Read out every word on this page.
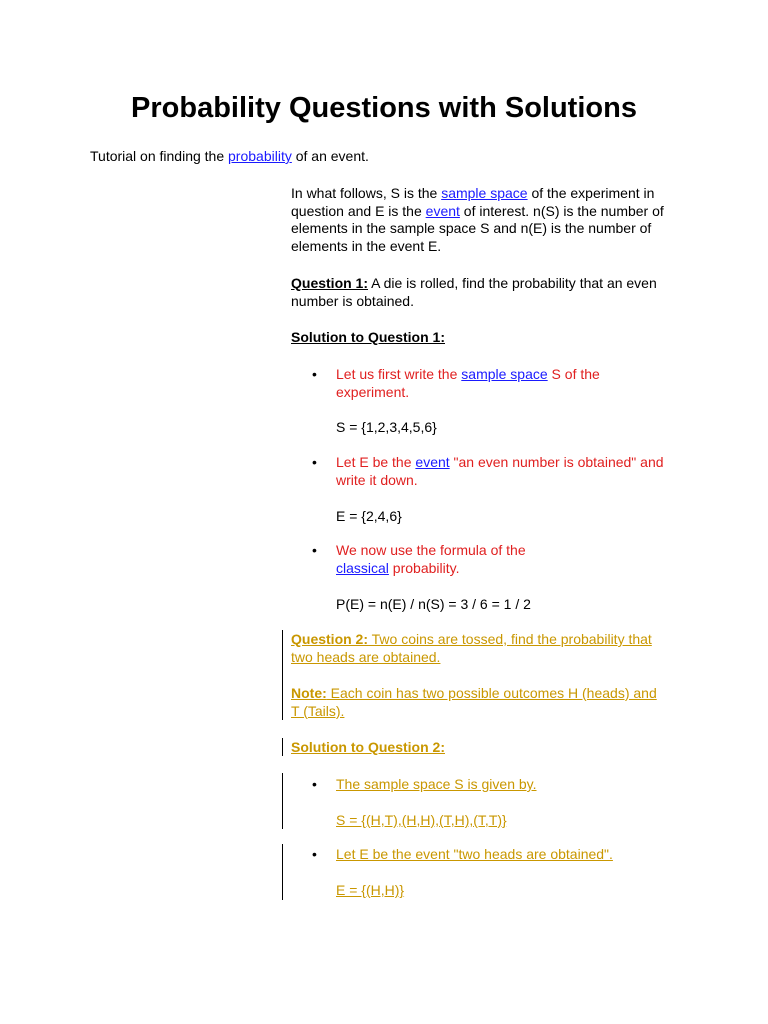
Probability Questions with Solutions
Tutorial on finding the probability of an event.
In what follows, S is the sample space of the experiment in question and E is the event of interest. n(S) is the number of elements in the sample space S and n(E) is the number of elements in the event E.
Question 1: A die is rolled, find the probability that an even number is obtained.
Solution to Question 1:
• Let us first write the sample space S of the experiment.
S = {1,2,3,4,5,6}
• Let E be the event "an even number is obtained" and write it down.
E = {2,4,6}
• We now use the formula of the classical probability.
P(E) = n(E) / n(S) = 3 / 6 = 1 / 2
Question 2: Two coins are tossed, find the probability that two heads are obtained.
Note: Each coin has two possible outcomes H (heads) and T (Tails).
Solution to Question 2:
• The sample space S is given by.
S = {(H,T),(H,H),(T,H),(T,T)}
• Let E be the event "two heads are obtained".
E = {(H,H)}
